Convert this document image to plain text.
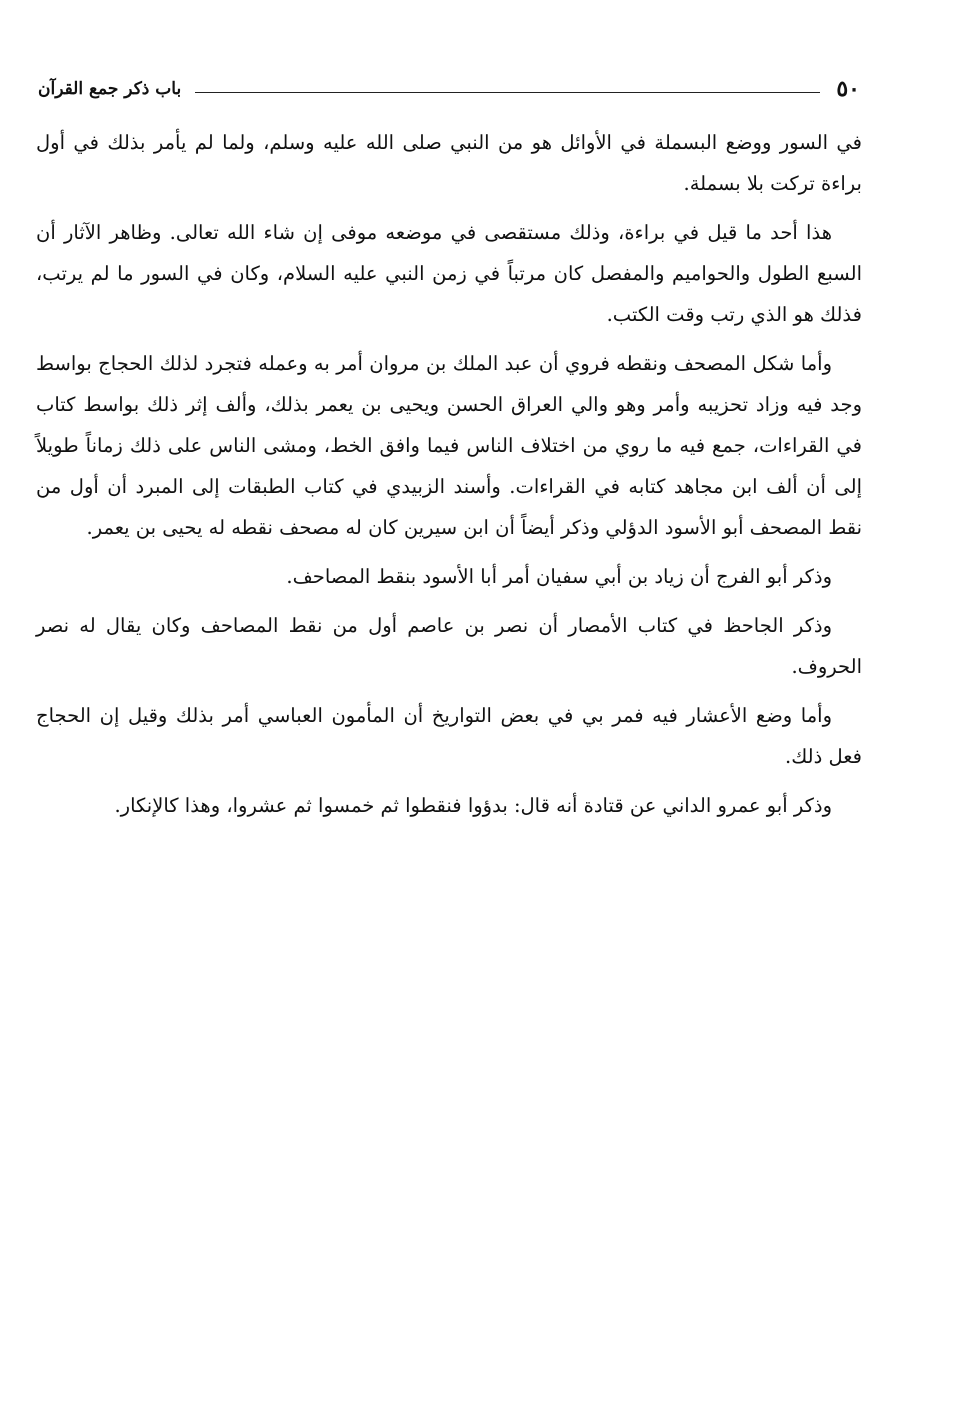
٥٠
باب ذكر جمع القرآن

في السور ووضع البسملة في الأوائل هو من النبي صلى الله عليه وسلم، ولما لم يأمر بذلك في أول براءة تركت بلا بسملة.

هذا أحد ما قيل في براءة، وذلك مستقصى في موضعه موفى إن شاء الله تعالى. وظاهر الآثار أن السبع الطول والحواميم والمفصل كان مرتباً في زمن النبي عليه السلام، وكان في السور ما لم يرتب، فذلك هو الذي رتب وقت الكتب.

وأما شكل المصحف ونقطه فروي أن عبد الملك بن مروان أمر به وعمله فتجرد لذلك الحجاج بواسط وجد فيه وزاد تحزيبه وأمر وهو والي العراق الحسن ويحيى بن يعمر بذلك، وألف إثر ذلك بواسط كتاب في القراءات، جمع فيه ما روي من اختلاف الناس فيما وافق الخط، ومشى الناس على ذلك زماناً طويلاً إلى أن ألف ابن مجاهد كتابه في القراءات. وأسند الزبيدي في كتاب الطبقات إلى المبرد أن أول من نقط المصحف أبو الأسود الدؤلي وذكر أيضاً أن ابن سيرين كان له مصحف نقطه له يحيى بن يعمر.

وذكر أبو الفرج أن زياد بن أبي سفيان أمر أبا الأسود بنقط المصاحف.

وذكر الجاحظ في كتاب الأمصار أن نصر بن عاصم أول من نقط المصاحف وكان يقال له نصر الحروف.

وأما وضع الأعشار فيه فمر بي في بعض التواريخ أن المأمون العباسي أمر بذلك وقيل إن الحجاج فعل ذلك.

وذكر أبو عمرو الداني عن قتادة أنه قال: بدؤوا فنقطوا ثم خمسوا ثم عشروا، وهذا كالإنكار.
